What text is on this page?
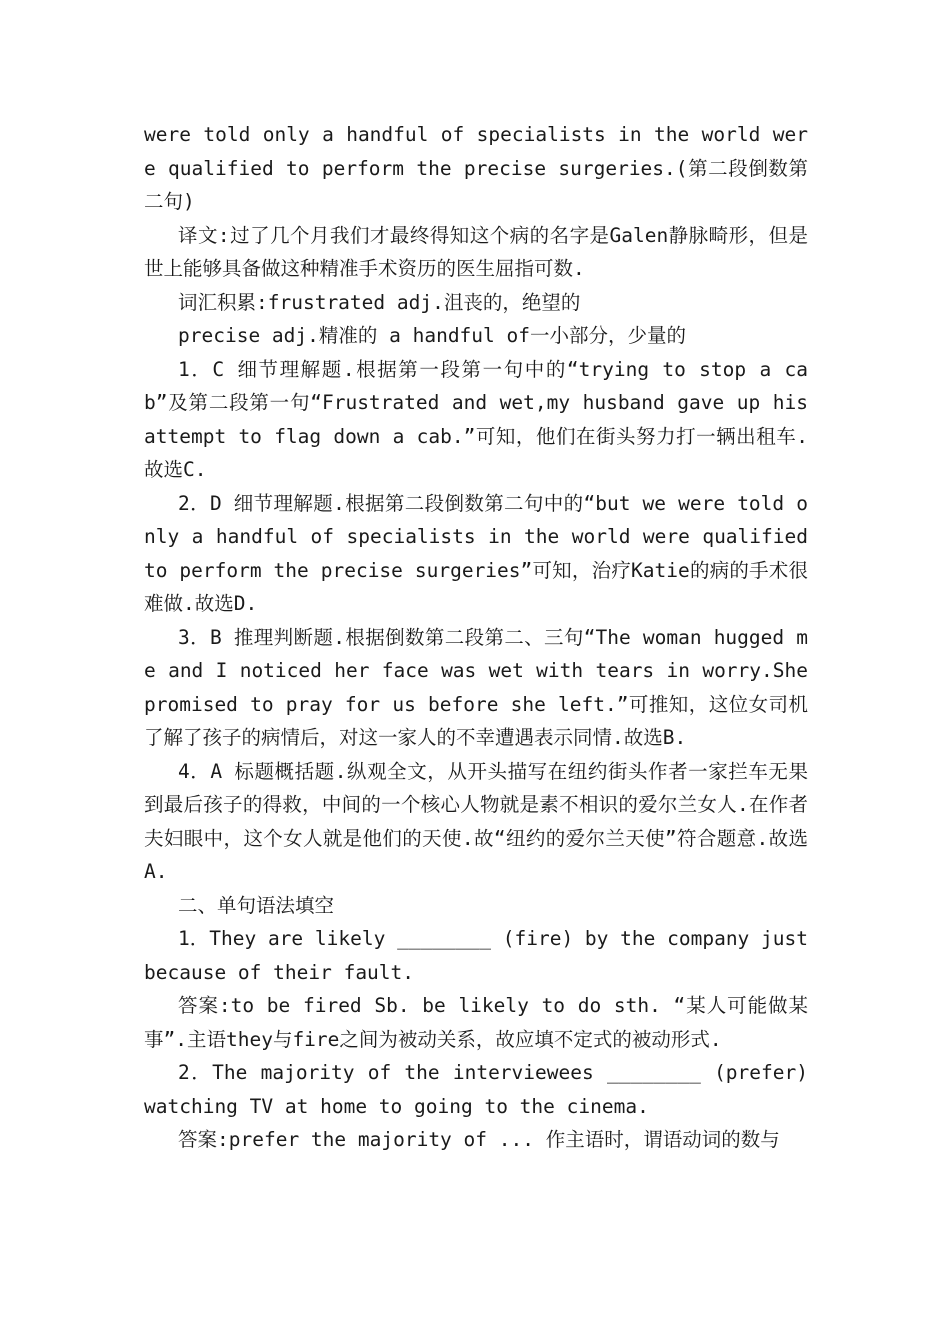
were told only a handful of specialists in the world were qualified to perform the precise surgeries.(第二段倒数第二句)

译文:过了几个月我们才最终得知这个病的名字是Galen静脉畸形，但是世上能够具备做这种精准手术资历的医生屈指可数.

词汇积累:frustrated adj.沮丧的，绝望的

precise adj.精准的 a handful of一小部分，少量的

1．C 细节理解题.根据第一段第一句中的“trying to stop a cab”及第二段第一句“Frustrated and wet,my husband gave up his attempt to flag down a cab.”可知，他们在街头努力打一辆出租车.故选C.

2．D 细节理解题.根据第二段倒数第二句中的“but we were told only a handful of specialists in the world were qualified to perform the precise surgeries”可知，治疗Katie的病的手术很难做.故选D.

3．B 推理判断题.根据倒数第二段第二、三句“The woman hugged me and I noticed her face was wet with tears in worry.She promised to pray for us before she left.”可推知，这位女司机了解了孩子的病情后，对这一家人的不幸遭遇表示同情.故选B.

4．A 标题概括题.纵观全文，从开头描写在纽约街头作者一家拦车无果到最后孩子的得救，中间的一个核心人物就是素不相识的爱尔兰女人.在作者夫妇眼中，这个女人就是他们的天使.故“纽约的爱尔兰天使”符合题意.故选A.

二、单句语法填空

1．They are likely ________ (fire) by the company just because of their fault.

答案:to be fired Sb. be likely to do sth. “某人可能做某事”.主语they与fire之间为被动关系，故应填不定式的被动形式.

2．The majority of the interviewees ________ (prefer) watching TV at home to going to the cinema.

答案:prefer the majority of ... 作主语时，谓语动词的数与
